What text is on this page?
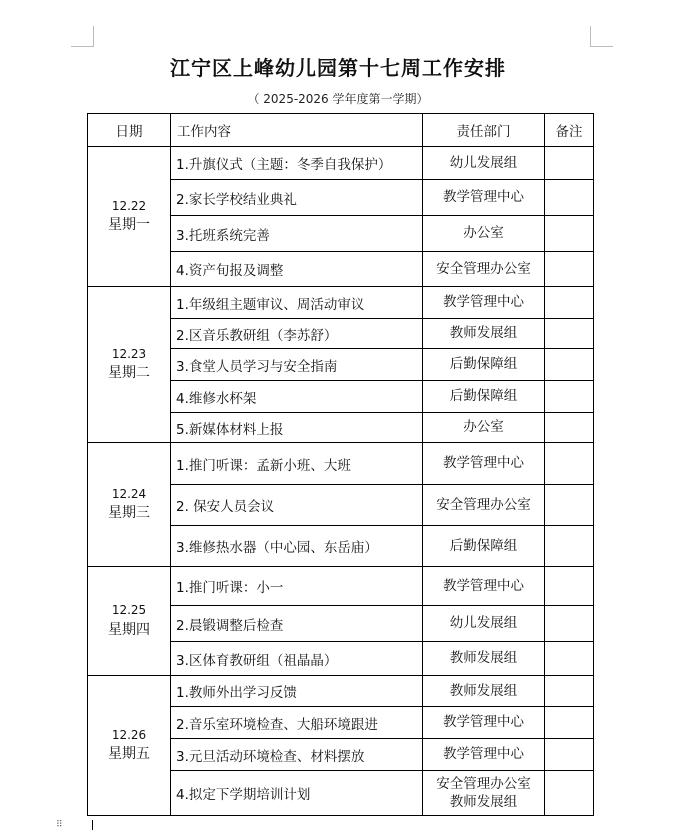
江宁区上峰幼儿园第十七周工作安排
（ 2025-2026 学年度第一学期）
日期	工作内容	责任部门	备注

12.22
星期一	1.升旗仪式（主题：冬季自我保护）	幼儿发展组	

	2.家长学校结业典礼	教学管理中心	

	3.托班系统完善	办公室	

	4.资产旬报及调整	安全管理办公室	

12.23
星期二	1.年级组主题审议、周活动审议	教学管理中心	

	2.区音乐教研组（李苏舒）	教师发展组	

	3.食堂人员学习与安全指南	后勤保障组	

	4.维修水杯架	后勤保障组	

	5.新媒体材料上报	办公室	

12.24
星期三	1.推门听课：孟新小班、大班	教学管理中心	

	2. 保安人员会议	安全管理办公室	

	3.维修热水器（中心园、东岳庙）	后勤保障组	

12.25
星期四	1.推门听课：小一	教学管理中心	

	2.晨锻调整后检查	幼儿发展组	

	3.区体育教研组（祖晶晶）	教师发展组	

12.26
星期五	1.教师外出学习反馈	教师发展组	

	2.音乐室环境检查、大船环境跟进	教学管理中心	

	3.元旦活动环境检查、材料摆放	教学管理中心	

	4.拟定下学期培训计划	安全管理办公室
教师发展组	

⠿
